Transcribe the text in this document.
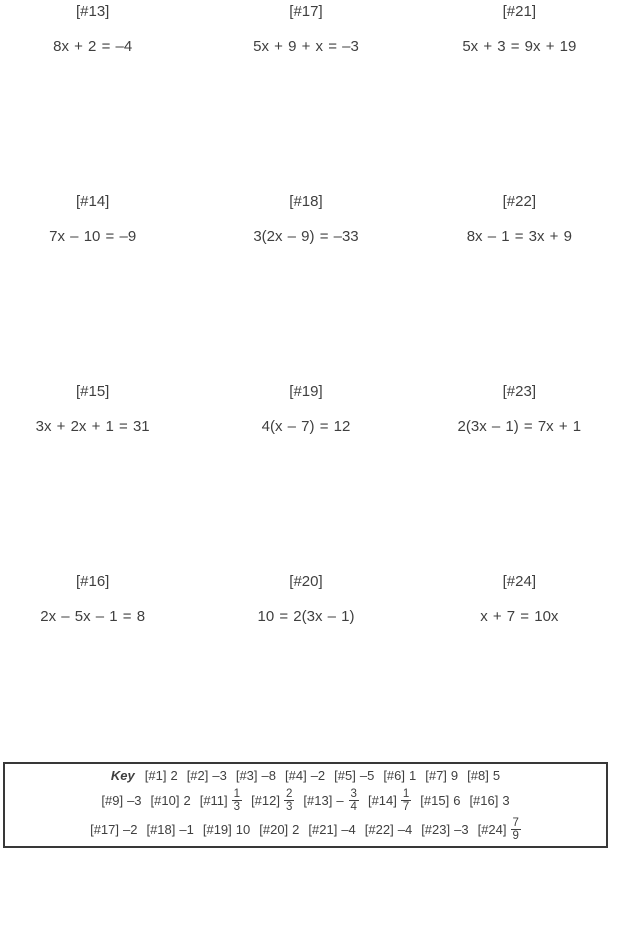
[#13]
8x + 2 = –4
[#17]
5x + 9 + x = –3
[#21]
5x + 3 = 9x + 19
[#14]
7x – 10 = –9
[#18]
3(2x – 9) = –33
[#22]
8x – 1 = 3x + 9
[#15]
3x + 2x + 1 = 31
[#19]
4(x – 7) = 12
[#23]
2(3x – 1) = 7x + 1
[#16]
2x – 5x – 1 = 8
[#20]
10 = 2(3x – 1)
[#24]
x + 7 = 10x
Key [#1] 2 [#2] –3 [#3] –8 [#4] –2 [#5] –5 [#6] 1 [#7] 9 [#8] 5
[#9] –3 [#10] 2 [#11] $\frac{1}{3}$ [#12] $\frac{2}{3}$ [#13] – $\frac{3}{4}$ [#14] $\frac{1}{7}$ [#15] 6 [#16] 3
[#17] –2 [#18] –1 [#19] 10 [#20] 2 [#21] –4 [#22] –4 [#23] –3 [#24] $\frac{7}{9}$
